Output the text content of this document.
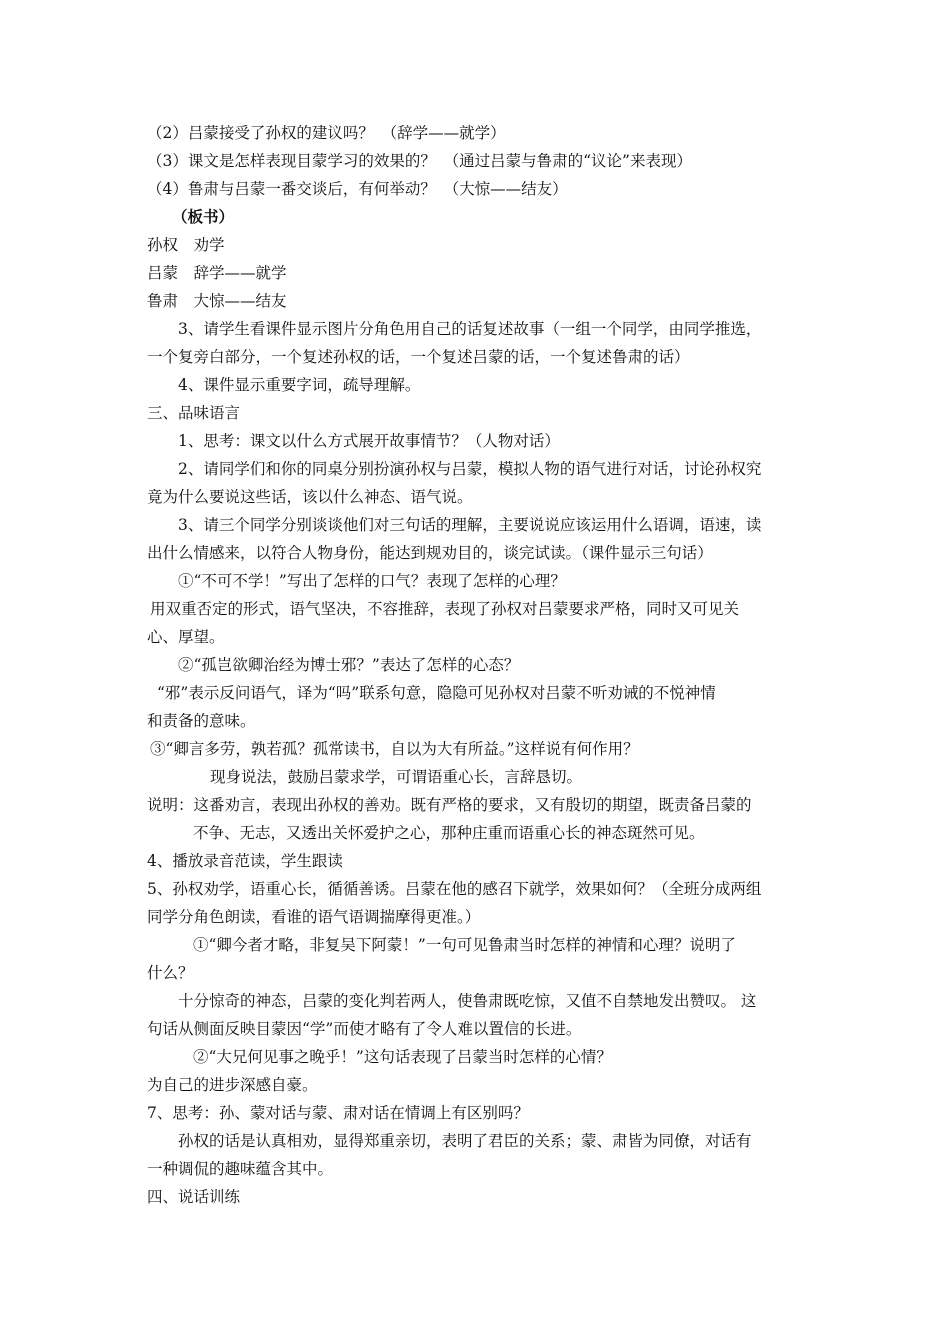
（2）吕蒙接受了孙权的建议吗？　（辞学——就学）
（3）课文是怎样表现目蒙学习的效果的？　（通过吕蒙与鲁肃的“议论”来表现）
（4）鲁肃与吕蒙一番交谈后，有何举动？　（大惊——结友）
（板书）
孙权　劝学
吕蒙　辞学——就学
鲁肃　大惊——结友
3、请学生看课件显示图片分角色用自己的话复述故事（一组一个同学，由同学推选，
一个复旁白部分，一个复述孙权的话，一个复述吕蒙的话，一个复述鲁肃的话）
4、课件显示重要字词，疏导理解。
三、品味语言
1、思考：课文以什么方式展开故事情节？（人物对话）
2、请同学们和你的同桌分别扮演孙权与吕蒙，模拟人物的语气进行对话，讨论孙权究
竟为什么要说这些话，该以什么神态、语气说。
3、请三个同学分别谈谈他们对三句话的理解，主要说说应该运用什么语调，语速，读
出什么情感来，以符合人物身份，能达到规劝目的，谈完试读。（课件显示三句话）
①“不可不学！”写出了怎样的口气？表现了怎样的心理？
用双重否定的形式，语气坚决，不容推辞，表现了孙权对吕蒙要求严格，同时又可见关
心、厚望。
②“孤岂欲卿治经为博士邪？”表达了怎样的心态？
“邪”表示反问语气，译为“吗”联系句意，隐隐可见孙权对吕蒙不听劝诫的不悦神情
和责备的意味。
③“卿言多劳，孰若孤？孤常读书，自以为大有所益。”这样说有何作用？
现身说法，鼓励吕蒙求学，可谓语重心长，言辞恳切。
说明：这番劝言，表现出孙权的善劝。既有严格的要求，又有殷切的期望，既责备吕蒙的
不争、无志，又透出关怀爱护之心，那种庄重而语重心长的神态斑然可见。
4、播放录音范读，学生跟读
5、孙权劝学，语重心长，循循善诱。吕蒙在他的感召下就学，效果如何？（全班分成两组
同学分角色朗读，看谁的语气语调揣摩得更准。）
①“卿今者才略，非复吴下阿蒙！”一句可见鲁肃当时怎样的神情和心理？说明了
什么？
十分惊奇的神态，吕蒙的变化判若两人，使鲁肃既吃惊，又值不自禁地发出赞叹。 这
句话从侧面反映目蒙因“学”而使才略有了令人难以置信的长进。
②“大兄何见事之晚乎！”这句话表现了吕蒙当时怎样的心情？
为自己的进步深感自豪。
7、思考：孙、蒙对话与蒙、肃对话在情调上有区别吗？
孙权的话是认真相劝，显得郑重亲切，表明了君臣的关系；蒙、肃皆为同僚，对话有
一种调侃的趣味蕴含其中。
四、说话训练
